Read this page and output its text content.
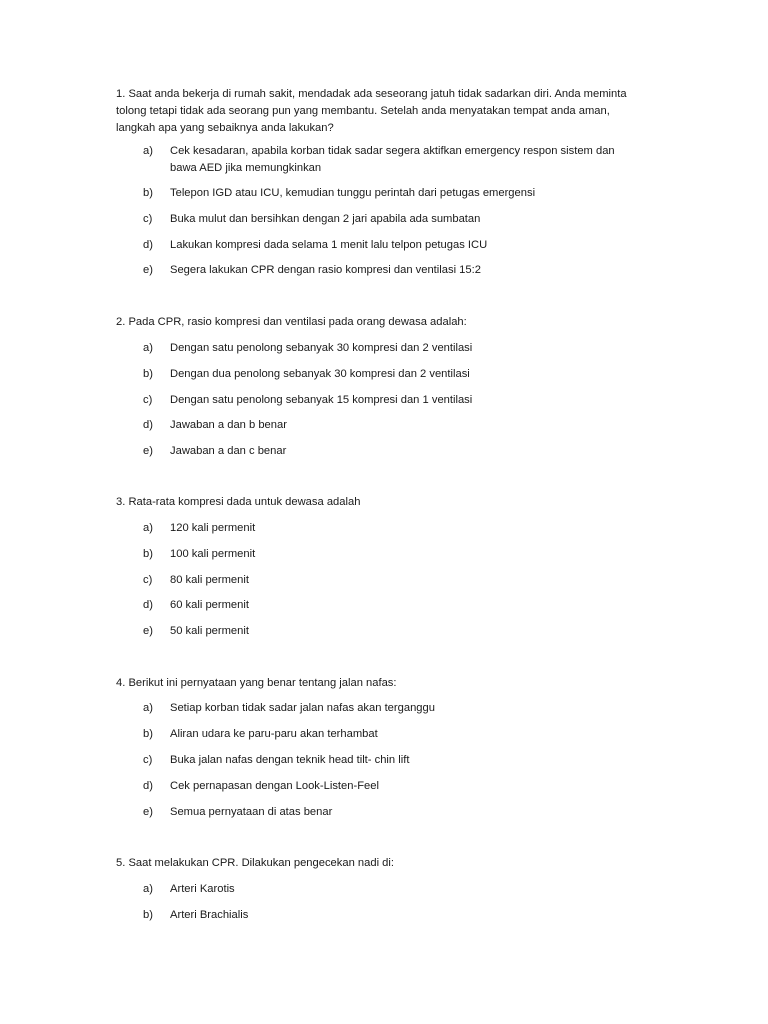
1. Saat anda bekerja di rumah sakit, mendadak ada seseorang jatuh tidak sadarkan diri. Anda meminta tolong tetapi tidak ada seorang pun yang membantu. Setelah anda menyatakan tempat anda aman, langkah apa yang sebaiknya anda lakukan?

a)	Cek kesadaran, apabila korban tidak sadar segera aktifkan emergency respon sistem dan bawa AED jika memungkinkan
b)	Telepon IGD atau ICU, kemudian tunggu perintah dari petugas emergensi
c)	Buka mulut dan bersihkan dengan 2 jari apabila ada sumbatan
d)	Lakukan kompresi dada selama 1 menit lalu telpon petugas ICU
e)	Segera lakukan CPR dengan rasio kompresi dan ventilasi 15:2

2. Pada CPR, rasio kompresi dan ventilasi pada orang dewasa adalah:

a)	Dengan satu penolong sebanyak 30 kompresi dan 2 ventilasi
b)	Dengan dua penolong sebanyak 30 kompresi dan 2 ventilasi
c)	Dengan satu penolong sebanyak 15 kompresi dan 1 ventilasi
d)	Jawaban a dan b benar
e)	Jawaban a dan c benar

3. Rata-rata kompresi dada untuk dewasa adalah

a)	120 kali permenit
b)	100 kali permenit
c)	80 kali permenit
d)	60 kali permenit
e)	50 kali permenit

4. Berikut ini pernyataan yang benar tentang jalan nafas:

a)	Setiap korban tidak sadar jalan nafas akan terganggu
b)	Aliran udara ke paru-paru akan terhambat
c)	Buka jalan nafas dengan teknik head tilt- chin lift
d)	Cek pernapasan dengan Look-Listen-Feel
e)	Semua pernyataan di atas benar

5. Saat melakukan CPR. Dilakukan pengecekan nadi di:

a)	Arteri Karotis
b)	Arteri Brachialis
